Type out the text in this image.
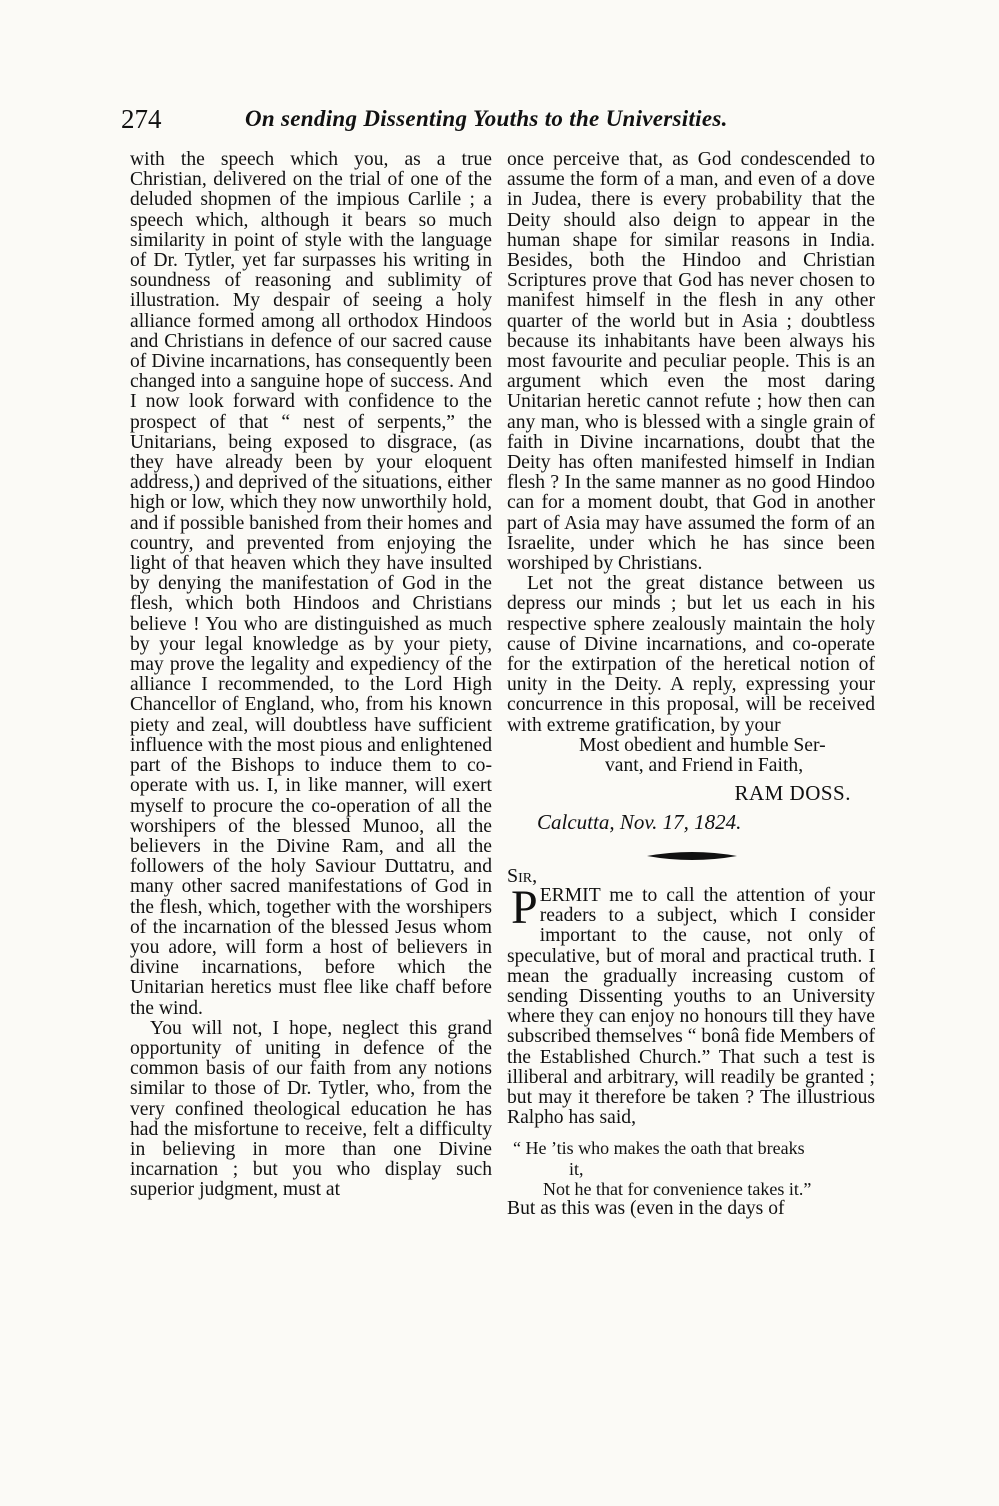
274	On sending Dissenting Youths to the Universities.

with the speech which you, as a true Christian, delivered on the trial of one of the deluded shopmen of the impious Carlile ; a speech which, although it bears so much similarity in point of style with the language of Dr. Tytler, yet far surpasses his writing in soundness of reasoning and sublimity of illustration. My despair of seeing a holy alliance formed among all orthodox Hindoos and Christians in defence of our sacred cause of Divine incarnations, has consequently been changed into a sanguine hope of success. And I now look forward with confidence to the prospect of that “ nest of serpents,” the Unitarians, being exposed to disgrace, (as they have already been by your eloquent address,) and deprived of the situations, either high or low, which they now unworthily hold, and if possible banished from their homes and country, and prevented from enjoying the light of that heaven which they have insulted by denying the manifestation of God in the flesh, which both Hindoos and Christians believe ! You who are distinguished as much by your legal knowledge as by your piety, may prove the legality and expediency of the alliance I recommended, to the Lord High Chancellor of England, who, from his known piety and zeal, will doubtless have sufficient influence with the most pious and enlightened part of the Bishops to induce them to co-operate with us. I, in like manner, will exert myself to procure the co-operation of all the worshipers of the blessed Munoo, all the believers in the Divine Ram, and all the followers of the holy Saviour Duttatru, and many other sacred manifestations of God in the flesh, which, together with the worshipers of the incarnation of the blessed Jesus whom you adore, will form a host of believers in divine incarnations, before which the Unitarian heretics must flee like chaff before the wind.

You will not, I hope, neglect this grand opportunity of uniting in defence of the common basis of our faith from any notions similar to those of Dr. Tytler, who, from the very confined theological education he has had the misfortune to receive, felt a difficulty in believing in more than one Divine incarnation ; but you who display such superior judgment, must at

once perceive that, as God condescended to assume the form of a man, and even of a dove in Judea, there is every probability that the Deity should also deign to appear in the human shape for similar reasons in India. Besides, both the Hindoo and Christian Scriptures prove that God has never chosen to manifest himself in the flesh in any other quarter of the world but in Asia ; doubtless because its inhabitants have been always his most favourite and peculiar people. This is an argument which even the most daring Unitarian heretic cannot refute ; how then can any man, who is blessed with a single grain of faith in Divine incarnations, doubt that the Deity has often manifested himself in Indian flesh ? In the same manner as no good Hindoo can for a moment doubt, that God in another part of Asia may have assumed the form of an Israelite, under which he has since been worshiped by Christians.

Let not the great distance between us depress our minds ; but let us each in his respective sphere zealously maintain the holy cause of Divine incarnations, and co-operate for the extirpation of the heretical notion of unity in the Deity. A reply, expressing your concurrence in this proposal, will be received with extreme gratification, by your

Most obedient and humble Ser-
vant, and Friend in Faith,
RAM DOSS.
Calcutta, Nov. 17, 1824.
Sir,

PERMIT me to call the attention of your readers to a subject, which I consider important to the cause, not only of speculative, but of moral and practical truth. I mean the gradually increasing custom of sending Dissenting youths to an University where they can enjoy no honours till they have subscribed themselves “ bonâ fide Members of the Established Church.” That such a test is illiberal and arbitrary, will readily be granted ; but may it therefore be taken ? The illustrious Ralpho has said,

“ He ’tis who makes the oath that breaks
it,
Not he that for convenience takes it.”

But as this was (even in the days of
